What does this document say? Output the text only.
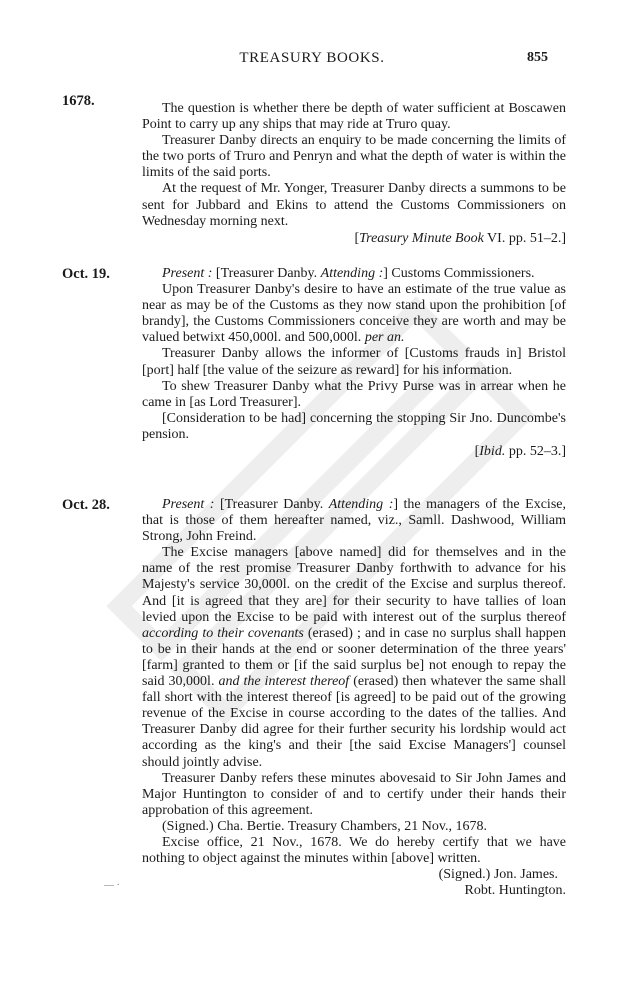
TREASURY BOOKS.	855
1678.	The question is whether there be depth of water sufficient at Boscawen Point to carry up any ships that may ride at Truro quay.

Treasurer Danby directs an enquiry to be made concerning the limits of the two ports of Truro and Penryn and what the depth of water is within the limits of the said ports.

At the request of Mr. Yonger, Treasurer Danby directs a summons to be sent for Jubbard and Ekins to attend the Customs Commissioners on Wednesday morning next.

[Treasury Minute Book VI. pp. 51–2.]

Oct. 19.	Present : [Treasurer Danby. Attending :] Customs Commissioners.

Upon Treasurer Danby's desire to have an estimate of the true value as near as may be of the Customs as they now stand upon the prohibition [of brandy], the Customs Commissioners conceive they are worth and may be valued betwixt 450,000l. and 500,000l. per an.

Treasurer Danby allows the informer of [Customs frauds in] Bristol [port] half [the value of the seizure as reward] for his information.

To shew Treasurer Danby what the Privy Purse was in arrear when he came in [as Lord Treasurer].

[Consideration to be had] concerning the stopping Sir Jno. Duncombe's pension.

[Ibid. pp. 52–3.]

Oct. 28.	Present : [Treasurer Danby. Attending :] the managers of the Excise, that is those of them hereafter named, viz., Samll. Dashwood, William Strong, John Freind.

The Excise managers [above named] did for themselves and in the name of the rest promise Treasurer Danby forthwith to advance for his Majesty's service 30,000l. on the credit of the Excise and surplus thereof. And [it is agreed that they are] for their security to have tallies of loan levied upon the Excise to be paid with interest out of the surplus thereof according to their covenants (erased) ; and in case no surplus shall happen to be in their hands at the end or sooner determination of the three years' [farm] granted to them or [if the said surplus be] not enough to repay the said 30,000l. and the interest thereof (erased) then whatever the same shall fall short with the interest thereof [is agreed] to be paid out of the growing revenue of the Excise in course according to the dates of the tallies. And Treasurer Danby did agree for their further security his lordship would act according as the king's and their [the said Excise Managers'] counsel should jointly advise.

Treasurer Danby refers these minutes abovesaid to Sir John James and Major Huntington to consider of and to certify under their hands their approbation of this agreement.

(Signed.) Cha. Bertie. Treasury Chambers, 21 Nov., 1678.

Excise office, 21 Nov., 1678. We do hereby certify that we have nothing to object against the minutes within [above] written.

(Signed.) Jon. James.

Robt. Huntington.

— ·
